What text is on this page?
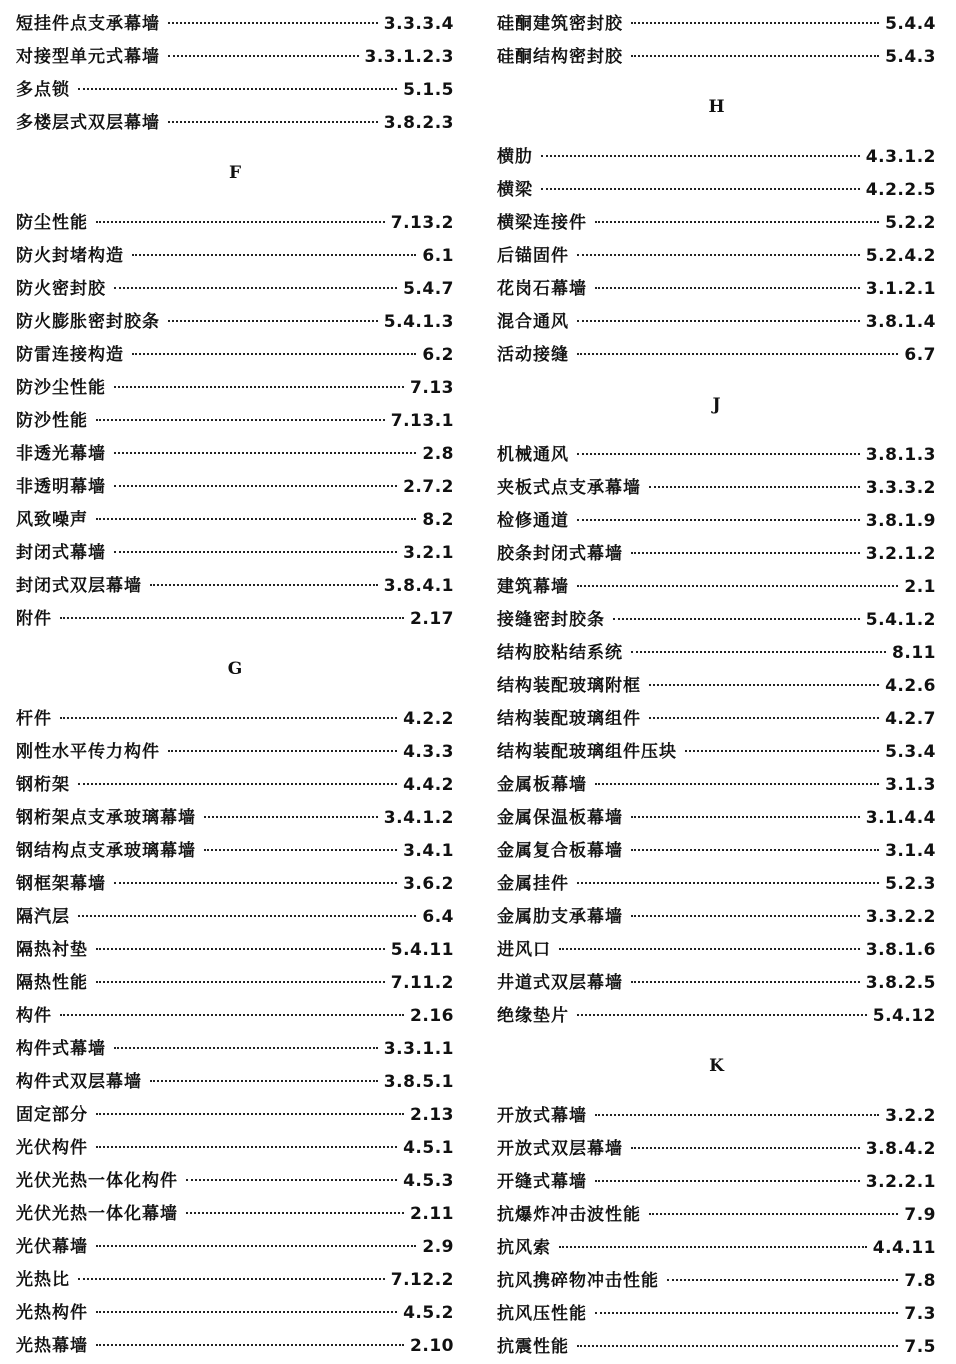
短挂件点支承幕墙	3.3.3.4
对接型单元式幕墙	3.3.1.2.3
多点锁	5.1.5
多楼层式双层幕墙	3.8.2.3
F
防尘性能	7.13.2
防火封堵构造	6.1
防火密封胶	5.4.7
防火膨胀密封胶条	5.4.1.3
防雷连接构造	6.2
防沙尘性能	7.13
防沙性能	7.13.1
非透光幕墙	2.8
非透明幕墙	2.7.2
风致噪声	8.2
封闭式幕墙	3.2.1
封闭式双层幕墙	3.8.4.1
附件	2.17
G
杆件	4.2.2
刚性水平传力构件	4.3.3
钢桁架	4.4.2
钢桁架点支承玻璃幕墙	3.4.1.2
钢结构点支承玻璃幕墙	3.4.1
钢框架幕墙	3.6.2
隔汽层	6.4
隔热衬垫	5.4.11
隔热性能	7.11.2
构件	2.16
构件式幕墙	3.3.1.1
构件式双层幕墙	3.8.5.1
固定部分	2.13
光伏构件	4.5.1
光伏光热一体化构件	4.5.3
光伏光热一体化幕墙	2.11
光伏幕墙	2.9
光热比	7.12.2
光热构件	4.5.2
光热幕墙	2.10
硅酮建筑密封胶	5.4.4
硅酮结构密封胶	5.4.3
H
横肋	4.3.1.2
横梁	4.2.2.5
横梁连接件	5.2.2
后锚固件	5.2.4.2
花岗石幕墙	3.1.2.1
混合通风	3.8.1.4
活动接缝	6.7
J
机械通风	3.8.1.3
夹板式点支承幕墙	3.3.3.2
检修通道	3.8.1.9
胶条封闭式幕墙	3.2.1.2
建筑幕墙	2.1
接缝密封胶条	5.4.1.2
结构胶粘结系统	8.11
结构装配玻璃附框	4.2.6
结构装配玻璃组件	4.2.7
结构装配玻璃组件压块	5.3.4
金属板幕墙	3.1.3
金属保温板幕墙	3.1.4.4
金属复合板幕墙	3.1.4
金属挂件	5.2.3
金属肋支承幕墙	3.3.2.2
进风口	3.8.1.6
井道式双层幕墙	3.8.2.5
绝缘垫片	5.4.12
K
开放式幕墙	3.2.2
开放式双层幕墙	3.8.4.2
开缝式幕墙	3.2.2.1
抗爆炸冲击波性能	7.9
抗风索	4.4.11
抗风携碎物冲击性能	7.8
抗风压性能	7.3
抗震性能	7.5
